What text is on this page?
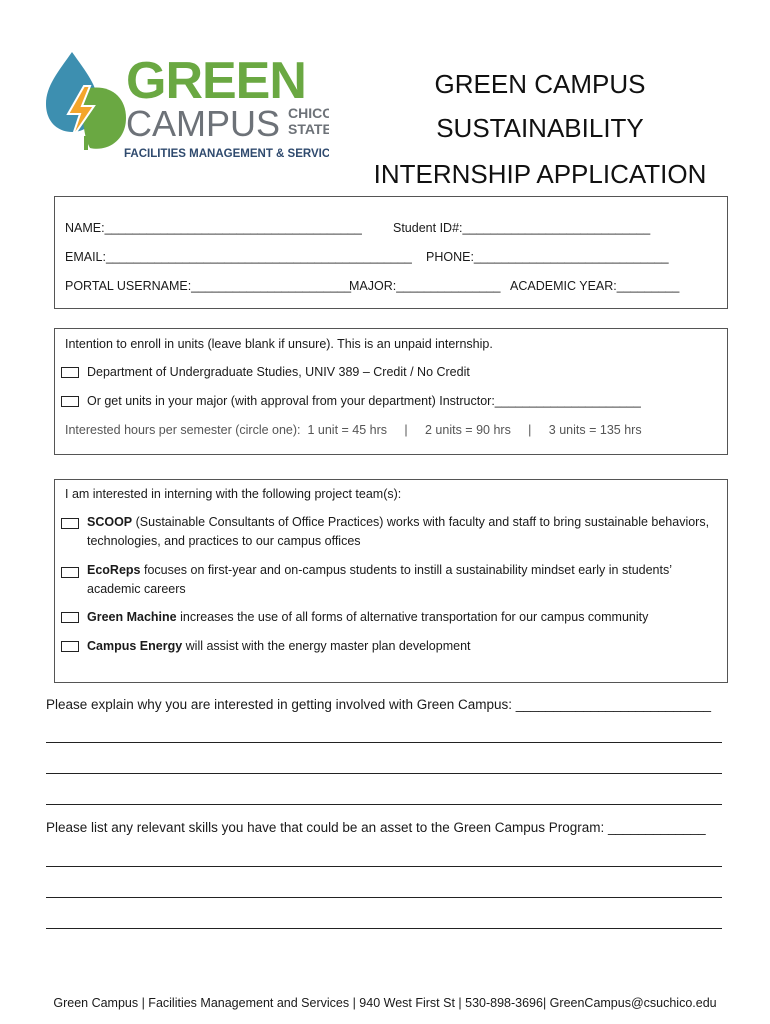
GREEN
CAMPUS CHICO
STATE
FACILITIES MANAGEMENT & SERVICES
GREEN CAMPUS
SUSTAINABILITY
INTERNSHIP APPLICATION
NAME:_____________________________________ Student ID#:___________________________
EMAIL:____________________________________________ PHONE:____________________________
PORTAL USERNAME:_______________________
MAJOR:_______________ ACADEMIC YEAR:_________
Intention to enroll in units (leave blank if unsure). This is an unpaid internship.
Department of Undergraduate Studies, UNIV 389 – Credit / No Credit
Or get units in your major (with approval from your department) Instructor:_____________________
Interested hours per semester (circle one):  1 unit = 45 hrs     |     2 units = 90 hrs     |     3 units = 135 hrs
I am interested in interning with the following project team(s):
SCOOP (Sustainable Consultants of Office Practices) works with faculty and staff to bring sustainable behaviors, technologies, and practices to our campus offices
EcoReps focuses on first-year and on-campus students to instill a sustainability mindset early in students’ academic careers
Green Machine increases the use of all forms of alternative transportation for our campus community
Campus Energy will assist with the energy master plan development
Please explain why you are interested in getting involved with Green Campus: __________________________
Please list any relevant skills you have that could be an asset to the Green Campus Program: _____________
Green Campus | Facilities Management and Services | 940 West First St | 530-898-3696| GreenCampus@csuchico.edu
